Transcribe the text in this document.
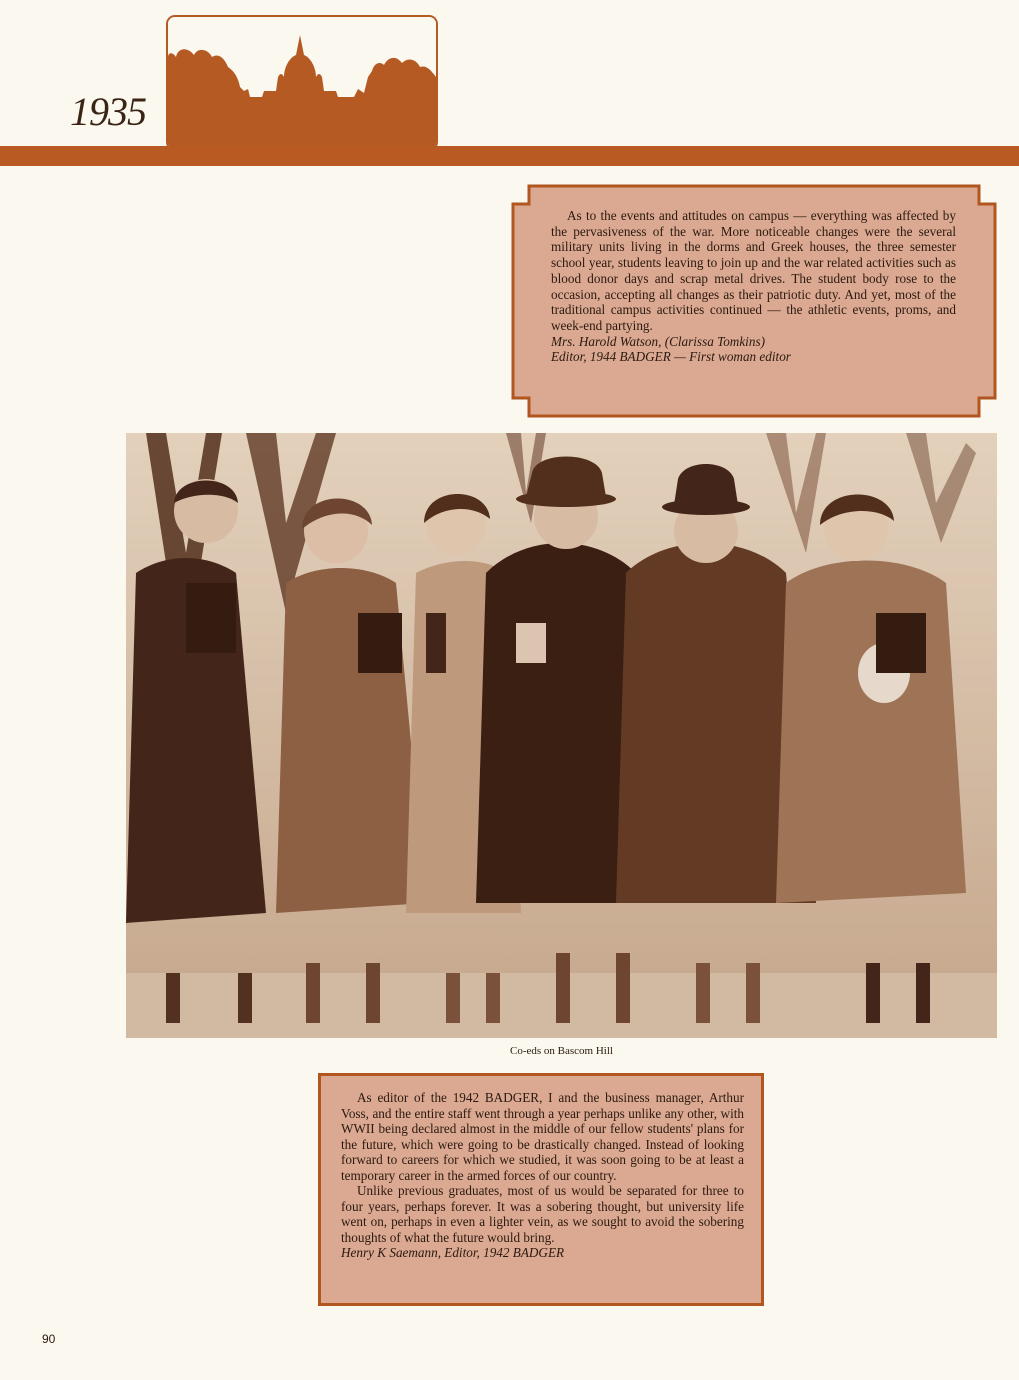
1935

As to the events and attitudes on campus — everything was affected by the pervasiveness of the war. More noticeable changes were the several military units living in the dorms and Greek houses, the three semester school year, students leaving to join up and the war related activities such as blood donor days and scrap metal drives. The student body rose to the occasion, accepting all changes as their patriotic duty. And yet, most of the traditional campus activities continued — the athletic events, proms, and week-end partying.

Mrs. Harold Watson, (Clarissa Tomkins)

Editor, 1944 BADGER — First woman editor

Co-eds on Bascom Hill

As editor of the 1942 BADGER, I and the business manager, Arthur Voss, and the entire staff went through a year perhaps unlike any other, with WWII being declared almost in the middle of our fellow students' plans for the future, which were going to be drastically changed. Instead of looking forward to careers for which we studied, it was soon going to be at least a temporary career in the armed forces of our country.

Unlike previous graduates, most of us would be separated for three to four years, perhaps forever. It was a sobering thought, but university life went on, perhaps in even a lighter vein, as we sought to avoid the sobering thoughts of what the future would bring.

Henry K Saemann, Editor, 1942 BADGER

90
